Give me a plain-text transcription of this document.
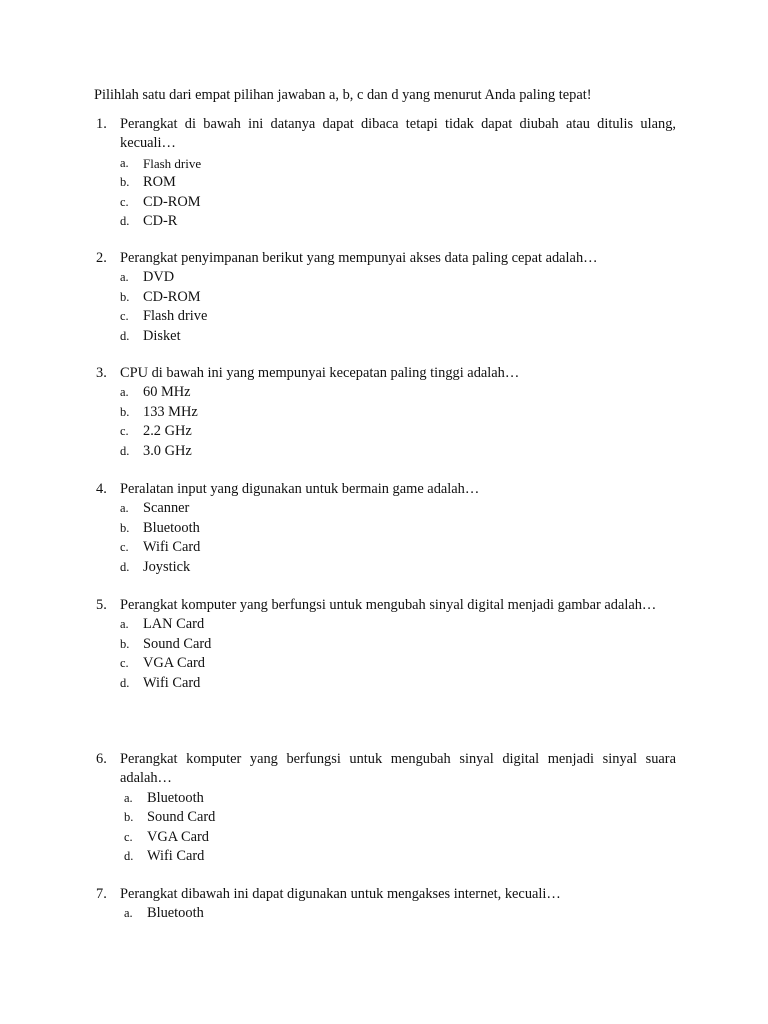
Pilihlah satu dari empat pilihan jawaban a, b, c dan d yang menurut Anda paling tepat!
1. Perangkat di bawah ini datanya dapat dibaca tetapi tidak dapat diubah atau ditulis ulang, kecuali…
a.	Flash drive
b. ROM
c. CD-ROM
d. CD-R
2. Perangkat penyimpanan berikut yang mempunyai akses data paling cepat adalah…
a. DVD
b. CD-ROM
c. Flash drive
d. Disket
3. CPU di bawah ini yang mempunyai kecepatan paling tinggi adalah…
a. 60 MHz
b. 133 MHz
c. 2.2 GHz
d. 3.0 GHz
4. Peralatan input yang digunakan untuk bermain game adalah…
a. Scanner
b. Bluetooth
c. Wifi Card
d. Joystick
5. Perangkat komputer yang berfungsi untuk mengubah sinyal digital menjadi gambar adalah…
a. LAN Card
b. Sound Card
c. VGA Card
d. Wifi Card
6. Perangkat komputer yang berfungsi untuk mengubah sinyal digital menjadi sinyal suara adalah…
a. Bluetooth
b. Sound Card
c. VGA Card
d. Wifi Card
7. Perangkat dibawah ini dapat digunakan untuk mengakses internet, kecuali…
a. Bluetooth
